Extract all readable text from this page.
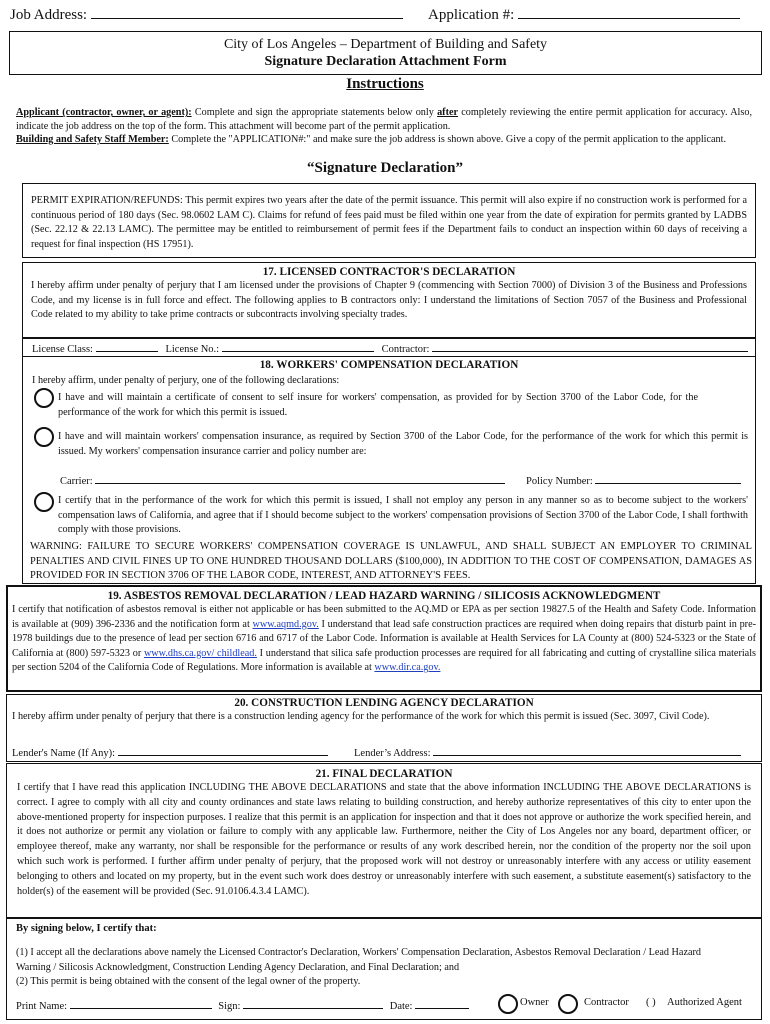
Job Address:	Application #:
City of Los Angeles – Department of Building and Safety
Signature Declaration Attachment Form
Instructions
Applicant (contractor, owner, or agent): Complete and sign the appropriate statements below only after completely reviewing the entire permit application for accuracy. Also, indicate the job address on the top of the form. This attachment will become part of the permit application.
Building and Safety Staff Member: Complete the "APPLICATION#:" and make sure the job address is shown above. Give a copy of the permit application to the applicant.
“Signature Declaration”

PERMIT EXPIRATION/REFUNDS: This permit expires two years after the date of the permit issuance. This permit will also expire if no construction work is performed for a continuous period of 180 days (Sec. 98.0602 LAM C). Claims for refund of fees paid must be filed within one year from the date of expiration for permits granted by LADBS (Sec. 22.12 & 22.13 LAMC). The permittee may be entitled to reimbursement of permit fees if the Department fails to conduct an inspection within 60 days of receiving a request for final inspection (HS 17951).

17. LICENSED CONTRACTOR'S DECLARATION

I hereby affirm under penalty of perjury that I am licensed under the provisions of Chapter 9 (commencing with Section 7000) of Division 3 of the Business and Professions Code, and my license is in full force and effect. The following applies to B contractors only: I understand the limitations of Section 7057 of the Business and Professional Code related to my ability to take prime contracts or subcontracts involving specialty trades.

License Class:	License No.:	Contractor:
18. WORKERS' COMPENSATION DECLARATION
I hereby affirm, under penalty of perjury, one of the following declarations:
I have and will maintain a certificate of consent to self insure for workers' compensation, as provided for by Section 3700 of the Labor Code, for the performance of the work for which this permit is issued.
I have and will maintain workers' compensation insurance, as required by Section 3700 of the Labor Code, for the performance of the work for which this permit is issued. My workers' compensation insurance carrier and policy number are:
Carrier:	Policy Number:
I certify that in the performance of the work for which this permit is issued, I shall not employ any person in any manner so as to become subject to the workers' compensation laws of California, and agree that if I should become subject to the workers' compensation provisions of Section 3700 of the Labor Code, I shall forthwith comply with those provisions.
WARNING: FAILURE TO SECURE WORKERS' COMPENSATION COVERAGE IS UNLAWFUL, AND SHALL SUBJECT AN EMPLOYER TO CRIMINAL PENALTIES AND CIVIL FINES UP TO ONE HUNDRED THOUSAND DOLLARS ($100,000), IN ADDITION TO THE COST OF COMPENSATION, DAMAGES AS PROVIDED FOR IN SECTION 3706 OF THE LABOR CODE, INTEREST, AND ATTORNEY'S FEES.
19. ASBESTOS REMOVAL DECLARATION / LEAD HAZARD WARNING / SILICOSIS ACKNOWLEDGMENT

I certify that notification of asbestos removal is either not applicable or has been submitted to the AQ.MD or EPA as per section 19827.5 of the Health and Safety Code. Information is available at (909) 396-2336 and the notification form at www.aqmd.gov. I understand that lead safe construction practices are required when doing repairs that disturb paint in pre-1978 buildings due to the presence of lead per section 6716 and 6717 of the Labor Code. Information is available at Health Services for LA County at (800) 524-5323 or the State of California at (800) 597-5323 or www.dhs.ca.gov/ childlead. I understand that silica safe production processes are required for all fabricating and cutting of crystalline silica materials per section 5204 of the California Code of Regulations. More information is available at www.dir.ca.gov.

20. CONSTRUCTION LENDING AGENCY DECLARATION

I hereby affirm under penalty of perjury that there is a construction lending agency for the performance of the work for which this permit is issued (Sec. 3097, Civil Code).

Lender's Name (If Any):	Lender’s Address:
21. FINAL DECLARATION

I certify that I have read this application INCLUDING THE ABOVE DECLARATIONS and state that the above information INCLUDING THE ABOVE DECLARATIONS is correct. I agree to comply with all city and county ordinances and state laws relating to building construction, and hereby authorize representatives of this city to enter upon the above-mentioned property for inspection purposes. I realize that this permit is an application for inspection and that it does not approve or authorize the work specified herein, and it does not authorize or permit any violation or failure to comply with any applicable law. Furthermore, neither the City of Los Angeles nor any board, department officer, or employee thereof, make any warranty, nor shall be responsible for the performance or results of any work described herein, nor the condition of the property nor the soil upon which such work is performed. I further affirm under penalty of perjury, that the proposed work will not destroy or unreasonably interfere with any access or utility easement belonging to others and located on my property, but in the event such work does destroy or unreasonably interfere with such easement, a substitute easement(s) satisfactory to the holder(s) of the easement will be provided (Sec. 91.0106.4.3.4 LAMC).

By signing below, I certify that:
(1) I accept all the declarations above namely the Licensed Contractor's Declaration, Workers' Compensation Declaration, Asbestos Removal Declaration / Lead Hazard Warning / Silicosis Acknowledgment, Construction Lending Agency Declaration, and Final Declaration; and
(2) This permit is being obtained with the consent of the legal owner of the property.
Print Name:	Sign:	Date:	Owner	Contractor ( ) Authorized Agent
